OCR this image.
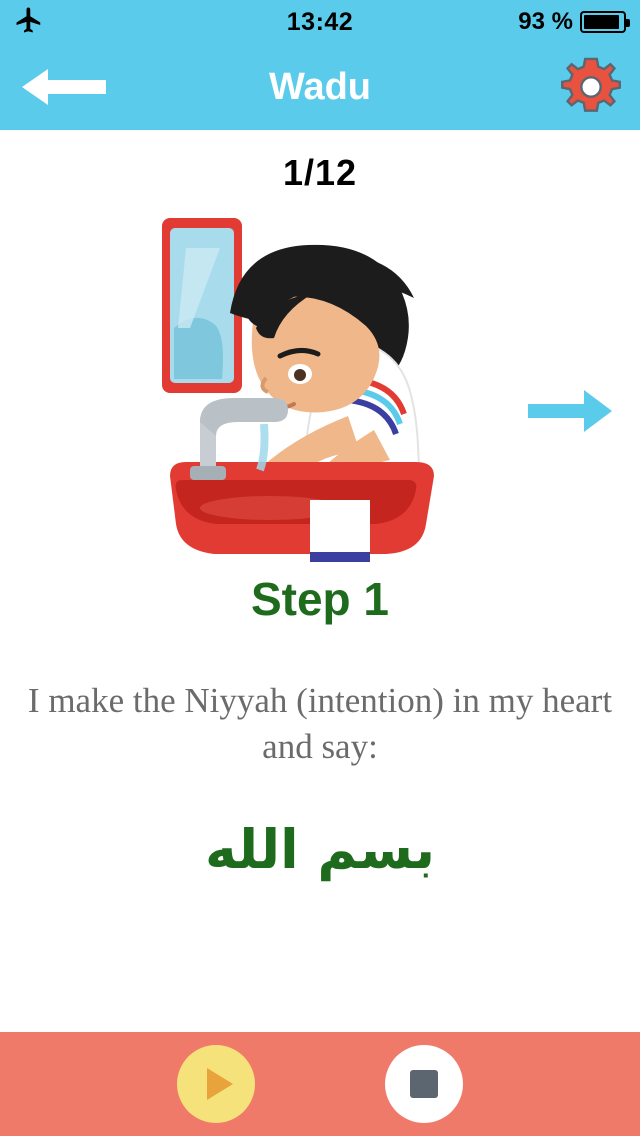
13:42	93 %
Wadu
1/12
Step 1
I make the Niyyah (intention) in my heart and say:
بسم الله
